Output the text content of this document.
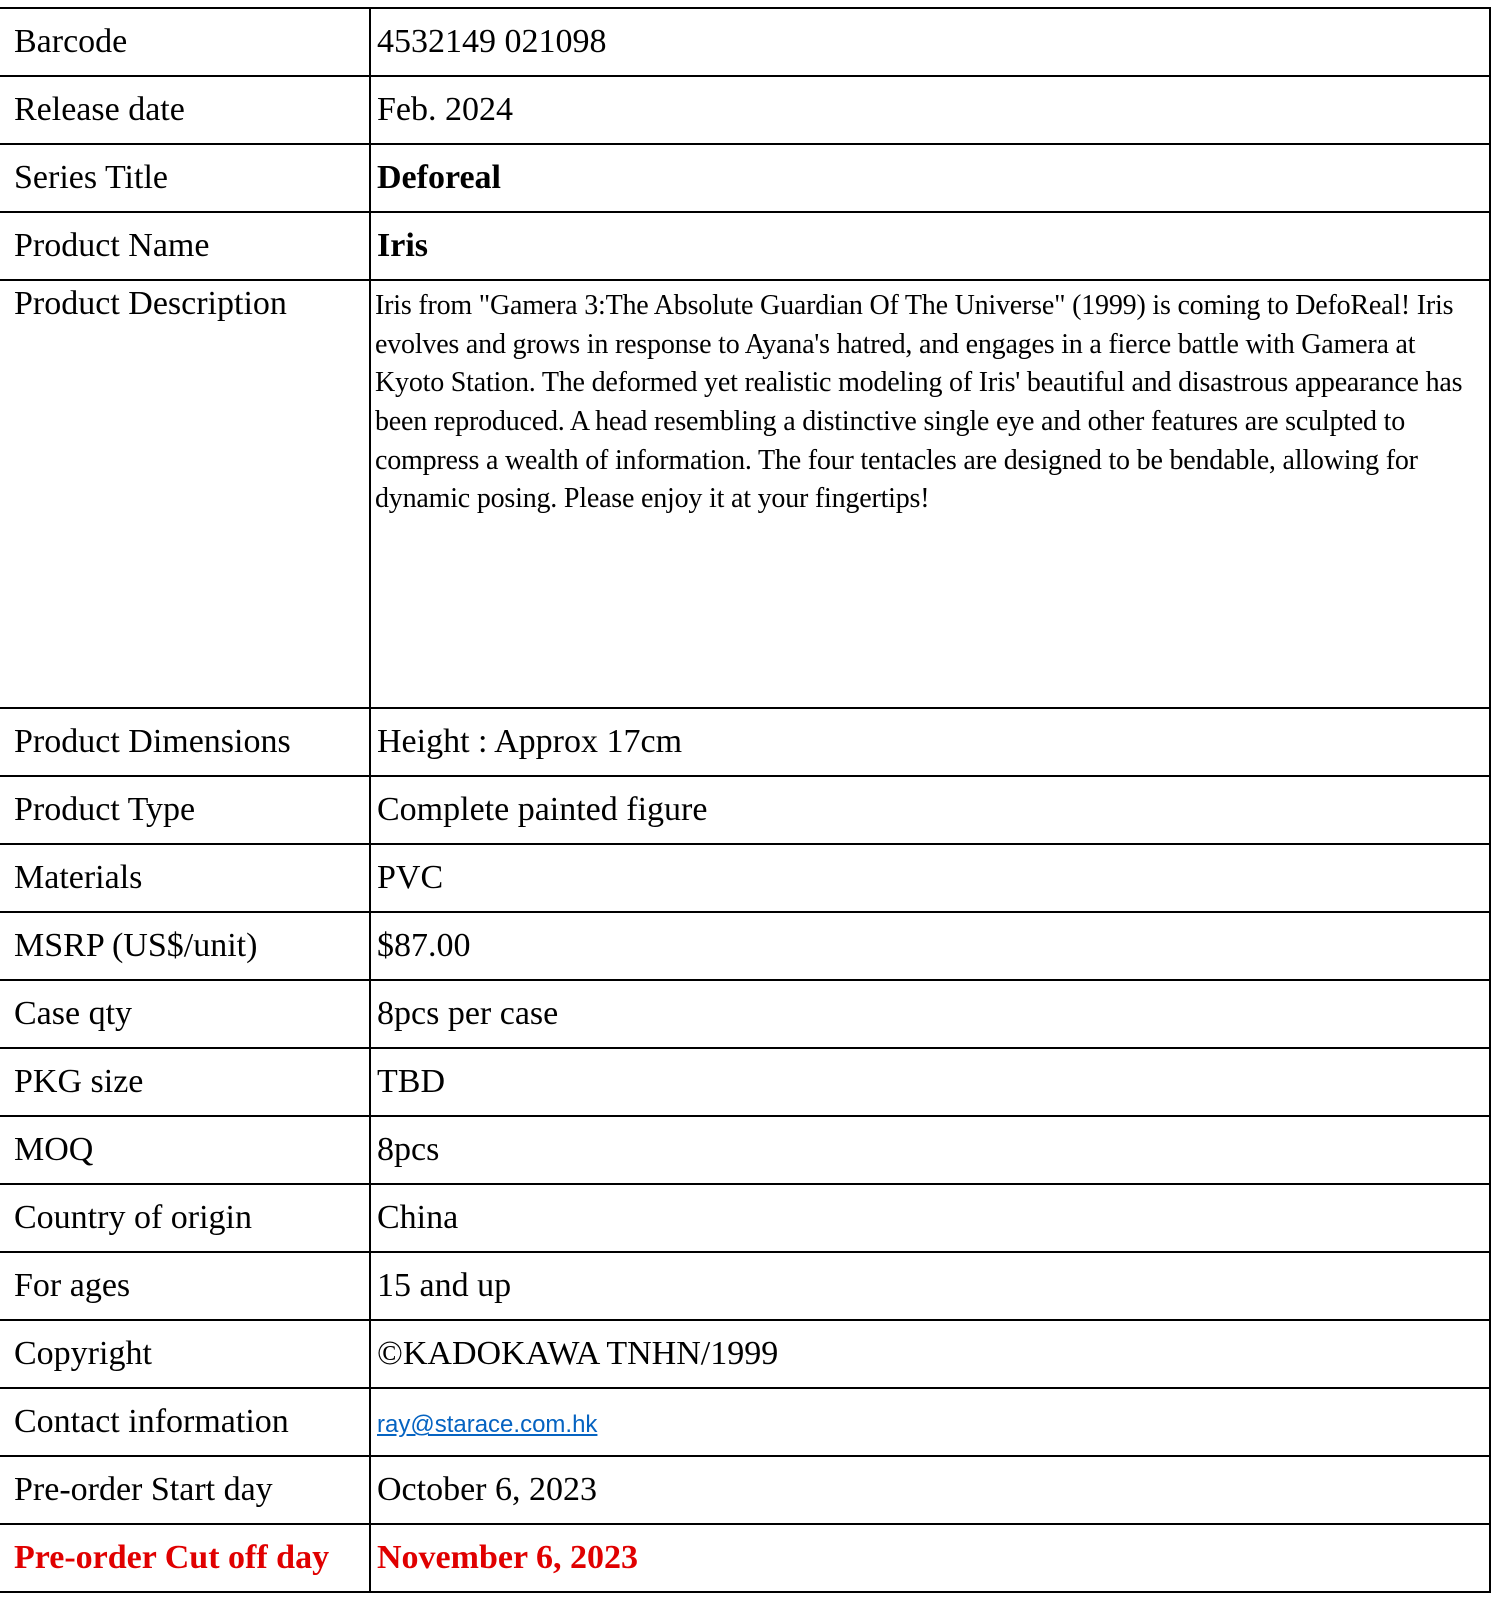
Barcode	4532149 021098
Release date	Feb. 2024
Series Title	Deforeal
Product Name	Iris
Product Description	Iris from "Gamera 3:The Absolute Guardian Of The Universe" (1999) is coming to DefoReal! Iris evolves and grows in response to Ayana's hatred, and engages in a fierce battle with Gamera at Kyoto Station. The deformed yet realistic modeling of Iris' beautiful and disastrous appearance has been reproduced. A head resembling a distinctive single eye and other features are sculpted to compress a wealth of information. The four tentacles are designed to be bendable, allowing for dynamic posing. Please enjoy it at your fingertips!
Product Dimensions	Height : Approx 17cm
Product Type	Complete painted figure
Materials	PVC
MSRP (US$/unit)	$87.00
Case qty	8pcs per case
PKG size	TBD
MOQ	8pcs
Country of origin	China
For ages	15 and up
Copyright	©KADOKAWA TNHN/1999
Contact information	ray@starace.com.hk
Pre-order Start day	October 6, 2023
Pre-order Cut off day	November 6, 2023
